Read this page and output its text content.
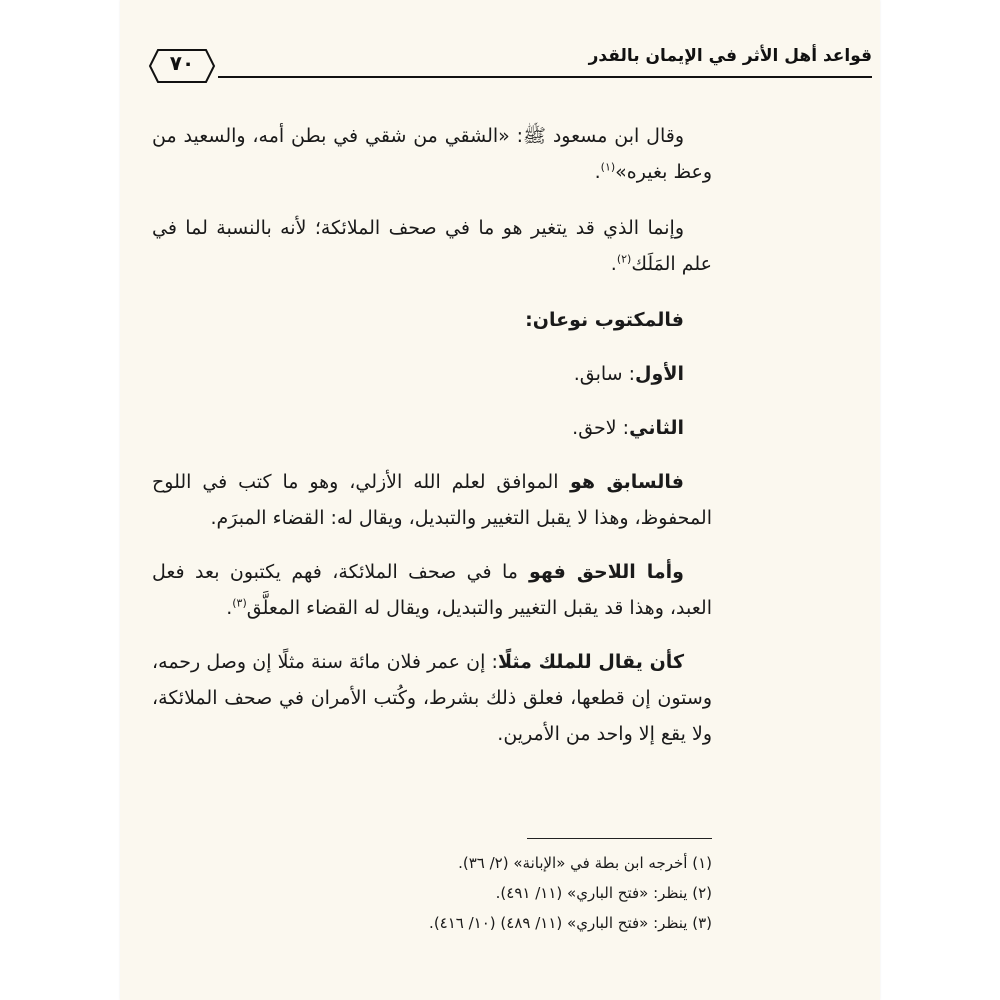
قواعد أهل الأثر في الإيمان بالقدر
٧٠

وقال ابن مسعود ﷺ: «الشقي من شقي في بطن أمه، والسعيد من وعظ بغيره»$^{(١)}$.

وإنما الذي قد يتغير هو ما في صحف الملائكة؛ لأنه بالنسبة لما في علم المَلَك$^{(٢)}$.

فالمكتوب نوعان:

الأول: سابق.

الثاني: لاحق.

فالسابق هو الموافق لعلم الله الأزلي، وهو ما كتب في اللوح المحفوظ، وهذا لا يقبل التغيير والتبديل، ويقال له: القضاء المبرَم.

وأما اللاحق فهو ما في صحف الملائكة، فهم يكتبون بعد فعل العبد، وهذا قد يقبل التغيير والتبديل، ويقال له القضاء المعلَّق$^{(٣)}$.

كأن يقال للملك مثلًا: إن عمر فلان مائة سنة مثلًا إن وصل رحمه، وستون إن قطعها، فعلق ذلك بشرط، وكُتب الأمران في صحف الملائكة، ولا يقع إلا واحد من الأمرين.

(١) أخرجه ابن بطة في «الإبانة» (٢/ ٣٦).

(٢) ينظر: «فتح الباري» (١١/ ٤٩١).

(٣) ينظر: «فتح الباري» (١١/ ٤٨٩) (١٠/ ٤١٦).
